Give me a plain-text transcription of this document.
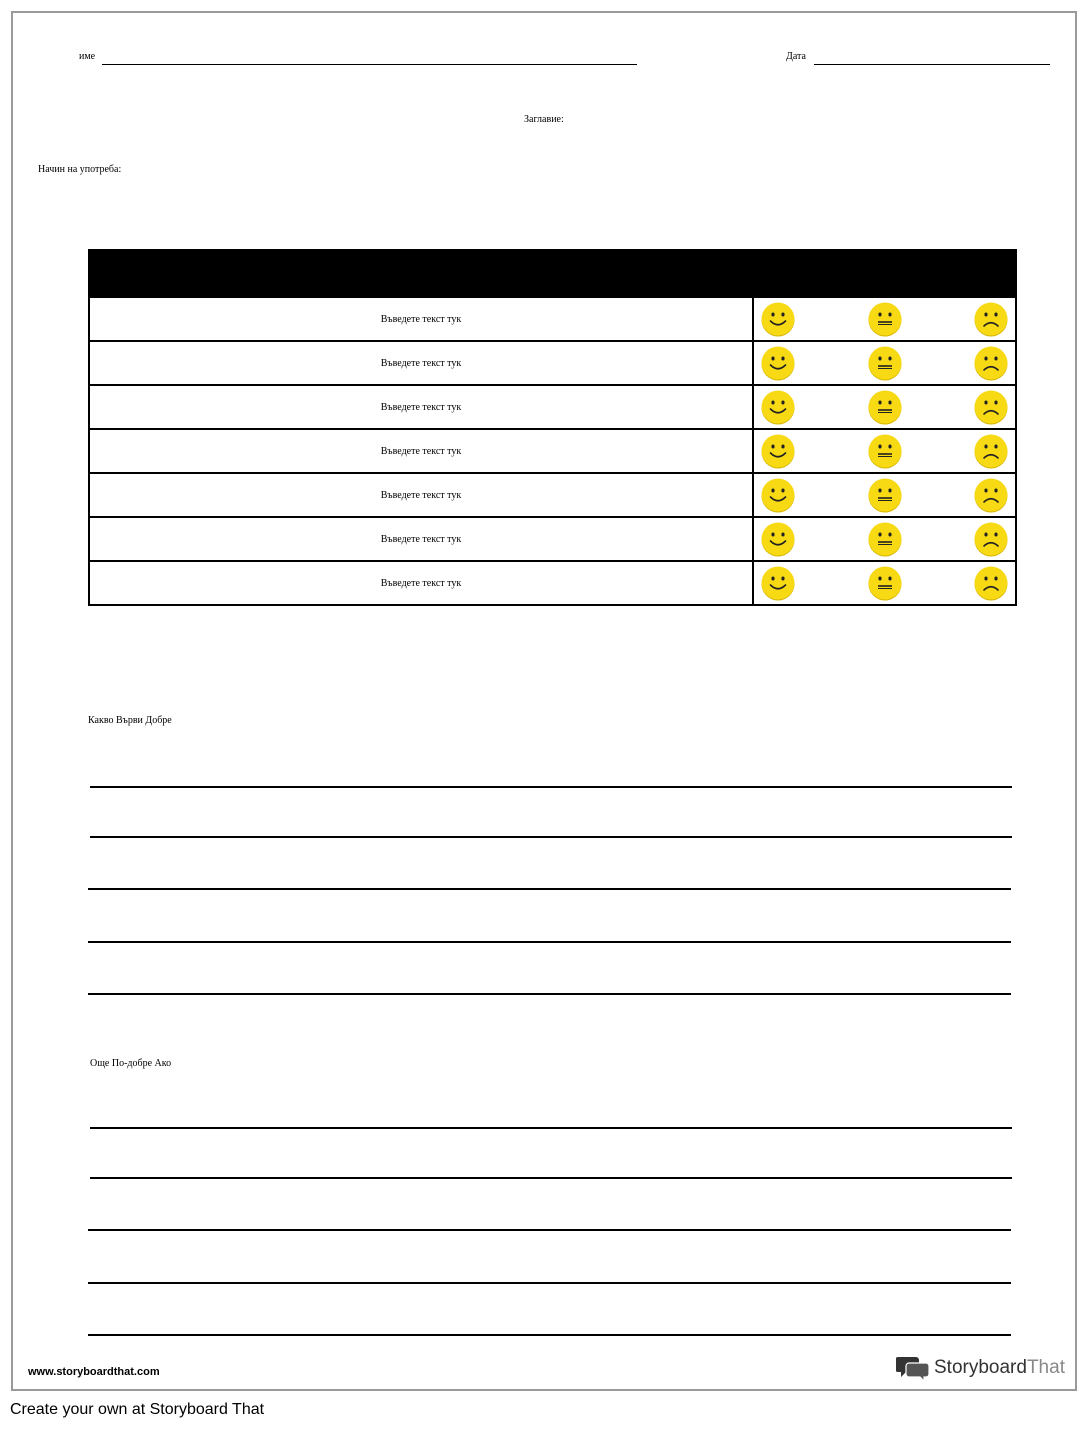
име	Дата
Заглавие:
Начин на употреба:

Въведете текст тук	

Въведете текст тук	

Въведете текст тук	

Въведете текст тук	

Въведете текст тук	

Въведете текст тук	

Въведете текст тук	
Какво Върви Добре
Още По-добре Ако
www.storyboardthat.com	Storyboard That
Create your own at Storyboard That
